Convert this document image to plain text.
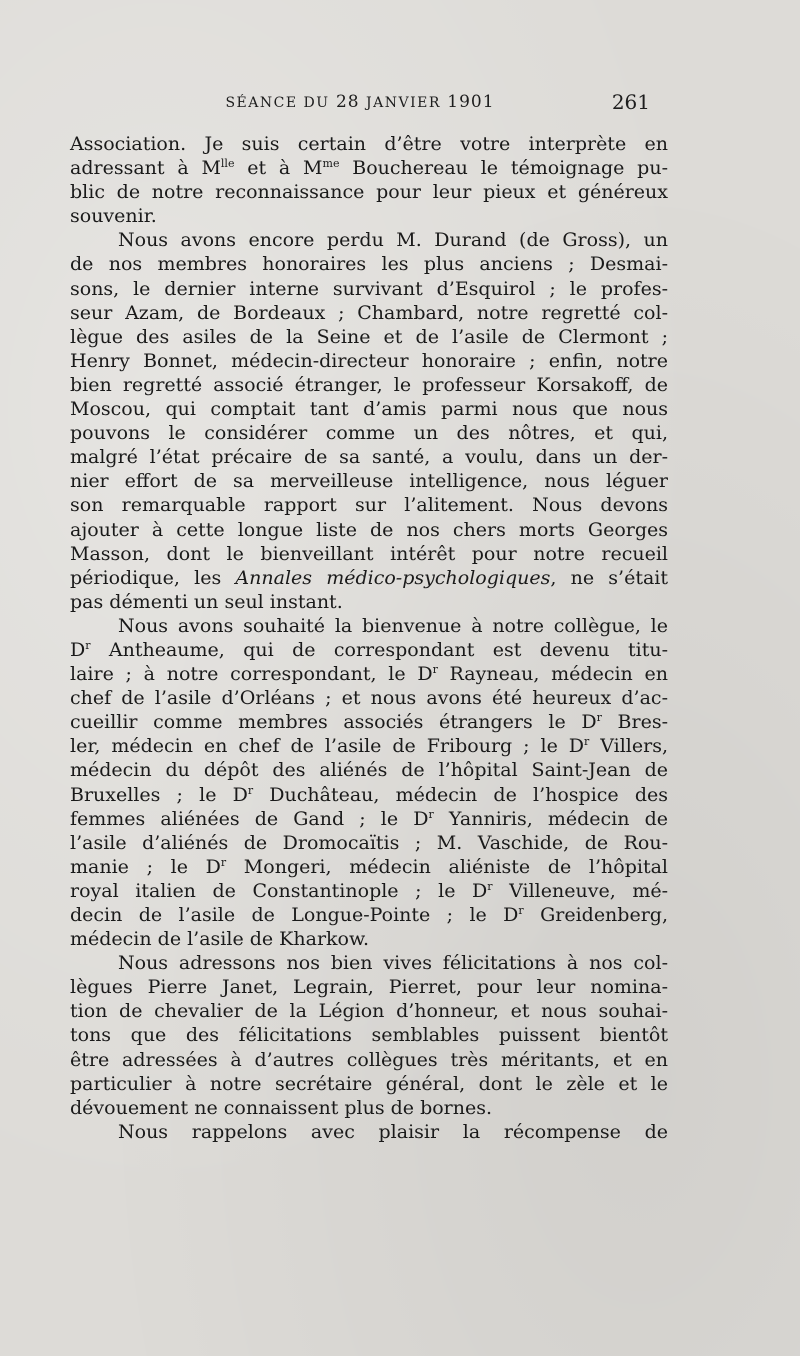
SÉANCE DU 28 JANVIER 1901	261
Association. Je suis certain d’être votre interprète en
adressant à $M^{lle}$ et à $M^{me}$ Bouchereau le témoignage pu-
blic de notre reconnaissance pour leur pieux et généreux
souvenir.
Nous avons encore perdu M. Durand (de Gross), un
de nos membres honoraires les plus anciens ; Desmai-
sons, le dernier interne survivant d’Esquirol ; le profes-
seur Azam, de Bordeaux ; Chambard, notre regretté col-
lègue des asiles de la Seine et de l’asile de Clermont ;
Henry Bonnet, médecin-directeur honoraire ; enfin, notre
bien regretté associé étranger, le professeur Korsakoff, de
Moscou, qui comptait tant d’amis parmi nous que nous
pouvons le considérer comme un des nôtres, et qui,
malgré l’état précaire de sa santé, a voulu, dans un der-
nier effort de sa merveilleuse intelligence, nous léguer
son remarquable rapport sur l’alitement. Nous devons
ajouter à cette longue liste de nos chers morts Georges
Masson, dont le bienveillant intérêt pour notre recueil
périodique, les Annales médico-psychologiques, ne s’était
pas démenti un seul instant.
Nous avons souhaité la bienvenue à notre collègue, le
$D^r$ Antheaume, qui de correspondant est devenu titu-
laire ; à notre correspondant, le $D^r$ Rayneau, médecin en
chef de l’asile d’Orléans ; et nous avons été heureux d’ac-
cueillir comme membres associés étrangers le $D^r$ Bres-
ler, médecin en chef de l’asile de Fribourg ; le $D^r$ Villers,
médecin du dépôt des aliénés de l’hôpital Saint-Jean de
Bruxelles ; le $D^r$ Duchâteau, médecin de l’hospice des
femmes aliénées de Gand ; le $D^r$ Yanniris, médecin de
l’asile d’aliénés de Dromocaïtis ; M. Vaschide, de Rou-
manie ; le $D^r$ Mongeri, médecin aliéniste de l’hôpital
royal italien de Constantinople ; le $D^r$ Villeneuve, mé-
decin de l’asile de Longue-Pointe ; le $D^r$ Greidenberg,
médecin de l’asile de Kharkow.
Nous adressons nos bien vives félicitations à nos col-
lègues Pierre Janet, Legrain, Pierret, pour leur nomina-
tion de chevalier de la Légion d’honneur, et nous souhai-
tons que des félicitations semblables puissent bientôt
être adressées à d’autres collègues très méritants, et en
particulier à notre secrétaire général, dont le zèle et le
dévouement ne connaissent plus de bornes.
Nous rappelons avec plaisir la récompense de
